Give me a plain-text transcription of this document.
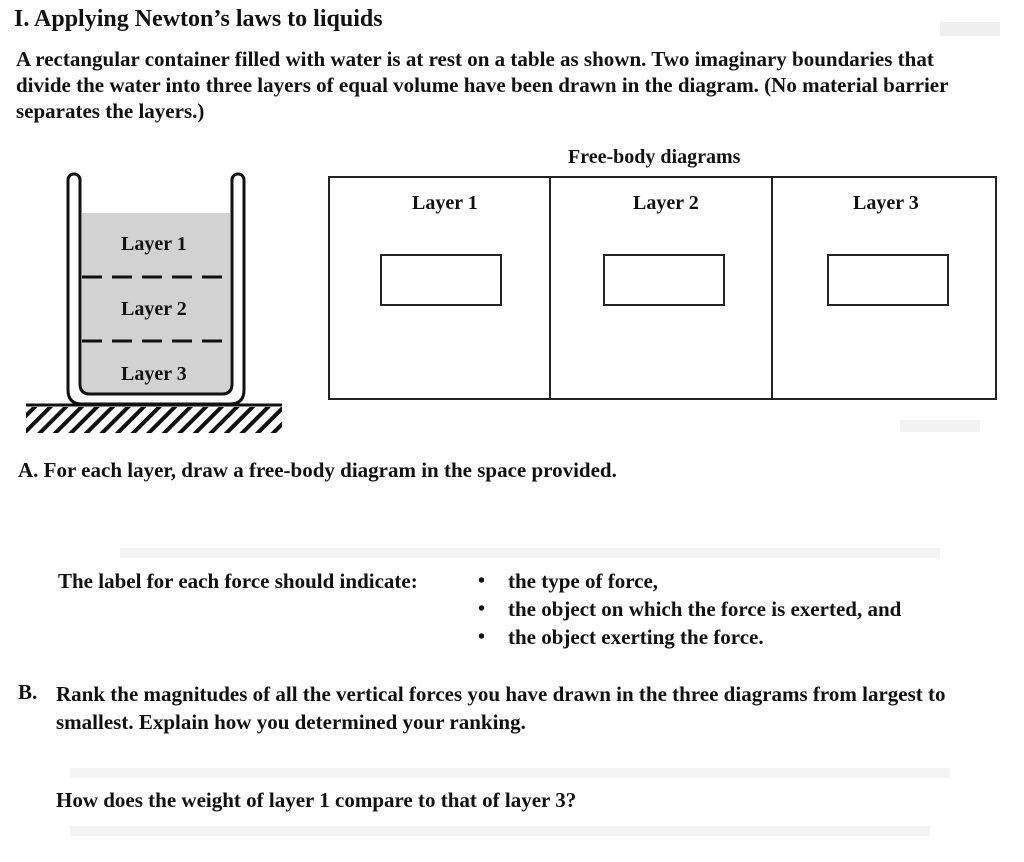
I. Applying Newton’s laws to liquids
A rectangular container filled with water is at rest on a table as shown. Two imaginary boundaries that divide the water into three layers of equal volume have been drawn in the diagram. (No material barrier separates the layers.)
Layer 1
Layer 2
Layer 3
Free-body diagrams
Layer 1	Layer 2	Layer 3
A. For each layer, draw a free-body diagram in the space provided.
The label for each force should indicate:	• the type of force,
• the object on which the force is exerted, and
• the object exerting the force.
B. Rank the magnitudes of all the vertical forces you have drawn in the three diagrams from largest to smallest. Explain how you determined your ranking.
How does the weight of layer 1 compare to that of layer 3?
